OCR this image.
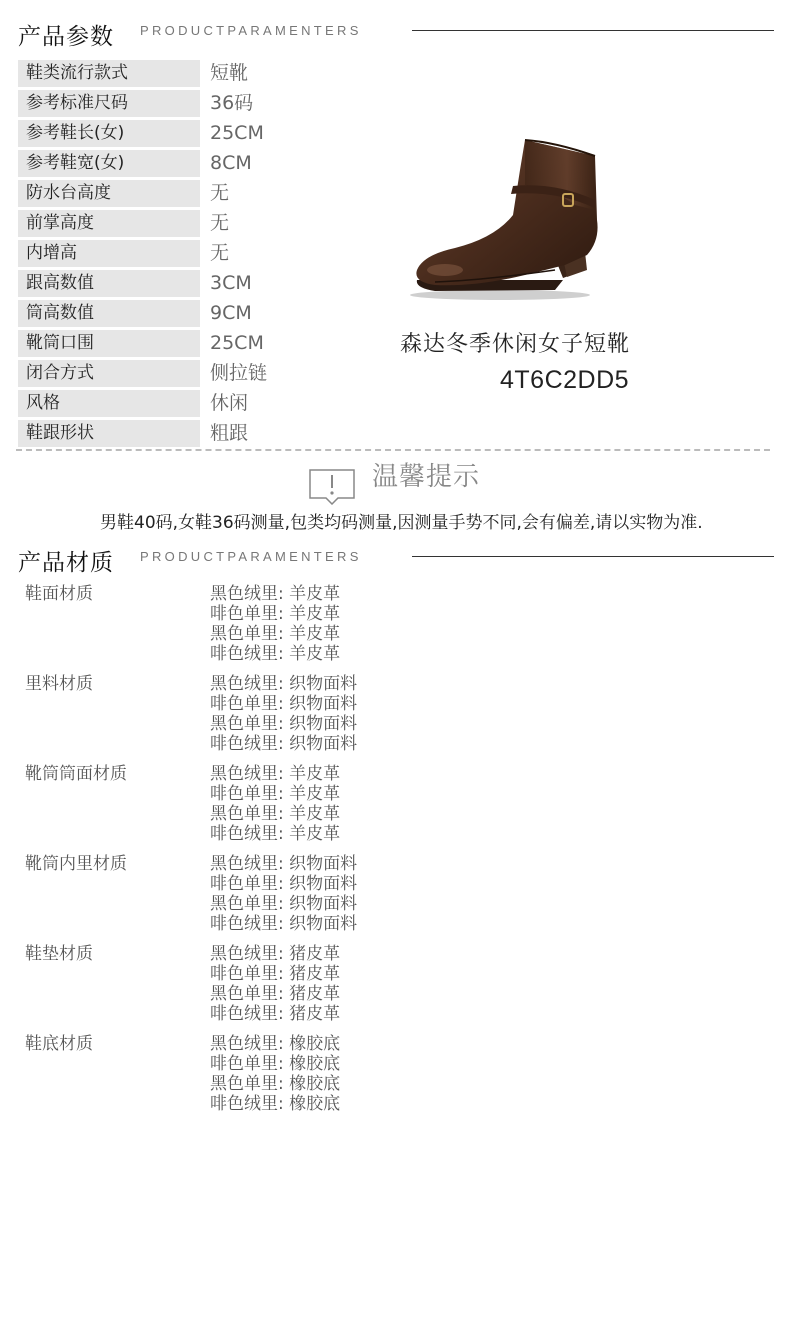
产品参数 PRODUCTPARAMENTERS
鞋类流行款式	短靴
参考标准尺码	36码
参考鞋长(女)	25CM
参考鞋宽(女)	8CM
防水台高度	无
前掌高度	无
内增高	无
跟高数值	3CM
筒高数值	9CM
靴筒口围	25CM
闭合方式	侧拉链
风格	休闲
鞋跟形状	粗跟
森达冬季休闲女子短靴
4T6C2DD5
温馨提示
男鞋40码,女鞋36码测量,包类均码测量,因测量手势不同,会有偏差,请以实物为准.
产品材质 PRODUCTPARAMENTERS
鞋面材质	黑色绒里: 羊皮革
啡色单里: 羊皮革
黑色单里: 羊皮革
啡色绒里: 羊皮革
里料材质	黑色绒里: 织物面料
啡色单里: 织物面料
黑色单里: 织物面料
啡色绒里: 织物面料
靴筒筒面材质	黑色绒里: 羊皮革
啡色单里: 羊皮革
黑色单里: 羊皮革
啡色绒里: 羊皮革
靴筒内里材质	黑色绒里: 织物面料
啡色单里: 织物面料
黑色单里: 织物面料
啡色绒里: 织物面料
鞋垫材质	黑色绒里: 猪皮革
啡色单里: 猪皮革
黑色单里: 猪皮革
啡色绒里: 猪皮革
鞋底材质	黑色绒里: 橡胶底
啡色单里: 橡胶底
黑色单里: 橡胶底
啡色绒里: 橡胶底
